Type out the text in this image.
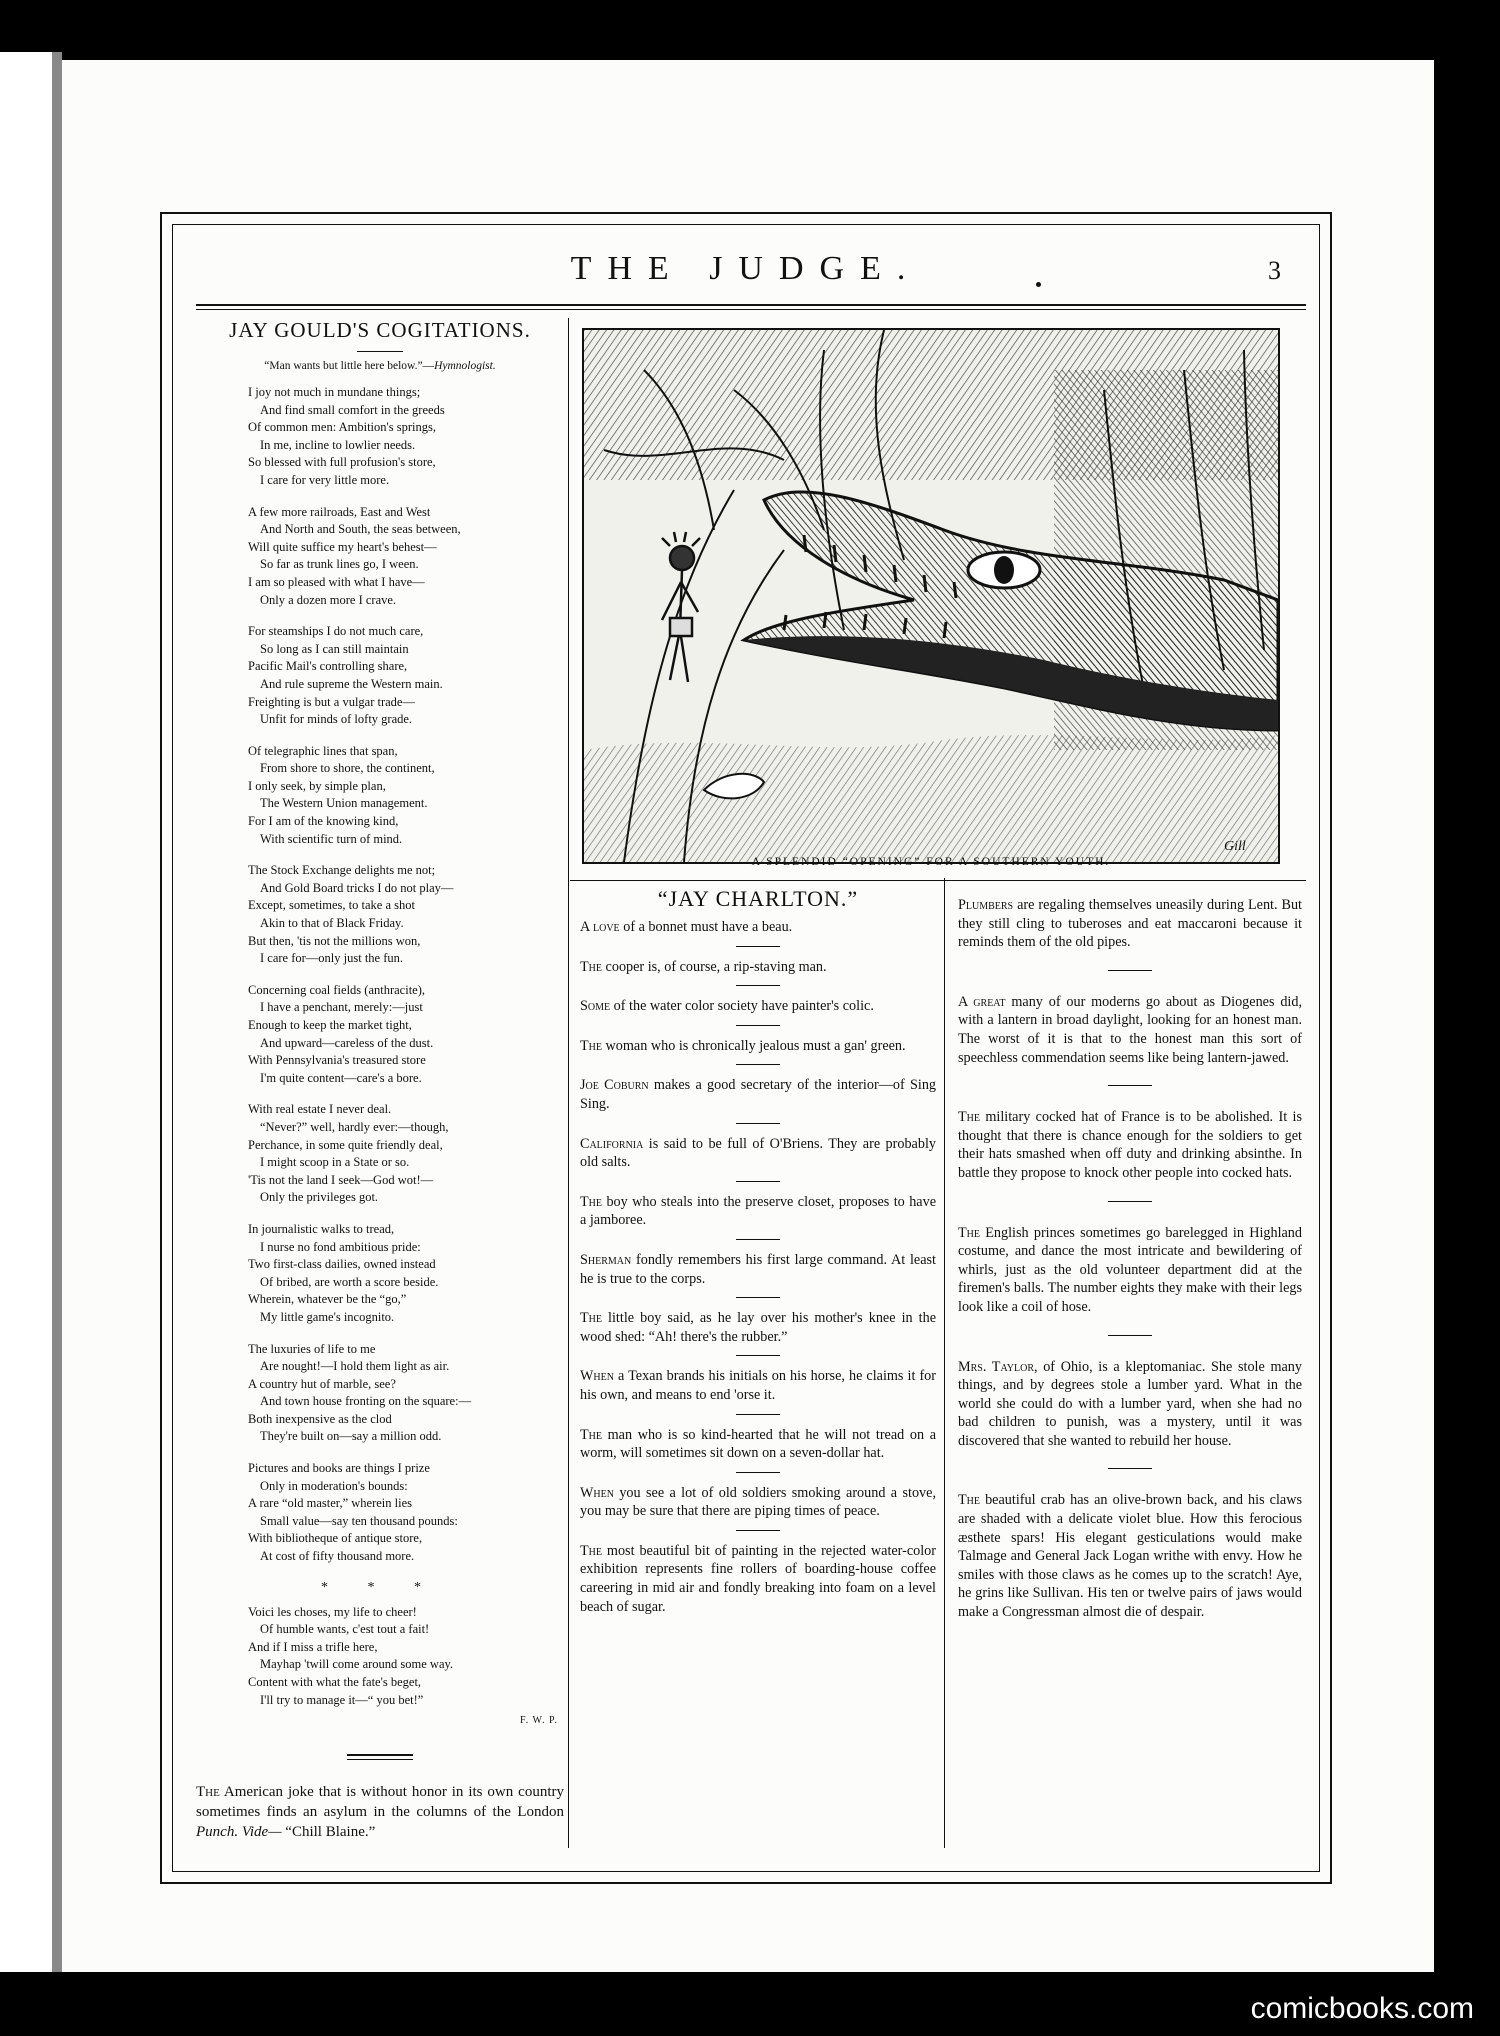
THE JUDGE.	3
JAY GOULD'S COGITATIONS.
“Man wants but little here below.”—Hymnologist.
I joy not much in mundane things;
And find small comfort in the greeds
Of common men: Ambition's springs,
In me, incline to lowlier needs.
So blessed with full profusion's store,
I care for very little more.
A few more railroads, East and West
And North and South, the seas between,
Will quite suffice my heart's behest—
So far as trunk lines go, I ween.
I am so pleased with what I have—
Only a dozen more I crave.
For steamships I do not much care,
So long as I can still maintain
Pacific Mail's controlling share,
And rule supreme the Western main.
Freighting is but a vulgar trade—
Unfit for minds of lofty grade.
Of telegraphic lines that span,
From shore to shore, the continent,
I only seek, by simple plan,
The Western Union management.
For I am of the knowing kind,
With scientific turn of mind.
The Stock Exchange delights me not;
And Gold Board tricks I do not play—
Except, sometimes, to take a shot
Akin to that of Black Friday.
But then, 'tis not the millions won,
I care for—only just the fun.
Concerning coal fields (anthracite),
I have a penchant, merely:—just
Enough to keep the market tight,
And upward—careless of the dust.
With Pennsylvania's treasured store
I'm quite content—care's a bore.
With real estate I never deal.
“Never?” well, hardly ever:—though,
Perchance, in some quite friendly deal,
I might scoop in a State or so.
'Tis not the land I seek—God wot!—
Only the privileges got.
In journalistic walks to tread,
I nurse no fond ambitious pride:
Two first-class dailies, owned instead
Of bribed, are worth a score beside.
Wherein, whatever be the “go,”
My little game's incognito.
The luxuries of life to me
Are nought!—I hold them light as air.
A country hut of marble, see?
And town house fronting on the square:—
Both inexpensive as the clod
They're built on—say a million odd.
Pictures and books are things I prize
Only in moderation's bounds:
A rare “old master,” wherein lies
Small value—say ten thousand pounds:
With bibliotheque of antique store,
At cost of fifty thousand more.
* * *
Voici les choses, my life to cheer!
Of humble wants, c'est tout a fait!
And if I miss a trifle here,
Mayhap 'twill come around some way.
Content with what the fate's beget,
I'll try to manage it—“ you bet!”
F. W. P.

The American joke that is without honor in its own country sometimes finds an asylum in the columns of the London Punch. Vide— “Chill Blaine.”

Gill
A SPLENDID “OPENING” FOR A SOUTHERN YOUTH.
“JAY CHARLTON.”

A love of a bonnet must have a beau.

The cooper is, of course, a rip-staving man.

Some of the water color society have painter's colic.

The woman who is chronically jealous must a gan' green.

Joe Coburn makes a good secretary of the interior—of Sing Sing.

California is said to be full of O'Briens. They are probably old salts.

The boy who steals into the preserve closet, proposes to have a jamboree.

Sherman fondly remembers his first large command. At least he is true to the corps.

The little boy said, as he lay over his mother's knee in the wood shed: “Ah! there's the rubber.”

When a Texan brands his initials on his horse, he claims it for his own, and means to end 'orse it.

The man who is so kind-hearted that he will not tread on a worm, will sometimes sit down on a seven-dollar hat.

When you see a lot of old soldiers smoking around a stove, you may be sure that there are piping times of peace.

The most beautiful bit of painting in the rejected water-color exhibition represents fine rollers of boarding-house coffee careering in mid air and fondly breaking into foam on a level beach of sugar.

Plumbers are regaling themselves uneasily during Lent. But they still cling to tuberoses and eat maccaroni because it reminds them of the old pipes.

A great many of our moderns go about as Diogenes did, with a lantern in broad daylight, looking for an honest man. The worst of it is that to the honest man this sort of speechless commendation seems like being lantern-jawed.

The military cocked hat of France is to be abolished. It is thought that there is chance enough for the soldiers to get their hats smashed when off duty and drinking absinthe. In battle they propose to knock other people into cocked hats.

The English princes sometimes go barelegged in Highland costume, and dance the most intricate and bewildering of whirls, just as the old volunteer department did at the firemen's balls. The number eights they make with their legs look like a coil of hose.

Mrs. Taylor, of Ohio, is a kleptomaniac. She stole many things, and by degrees stole a lumber yard. What in the world she could do with a lumber yard, when she had no bad children to punish, was a mystery, until it was discovered that she wanted to rebuild her house.

The beautiful crab has an olive-brown back, and his claws are shaded with a delicate violet blue. How this ferocious æsthete spars! His elegant gesticulations would make Talmage and General Jack Logan writhe with envy. How he smiles with those claws as he comes up to the scratch! Aye, he grins like Sullivan. His ten or twelve pairs of jaws would make a Congressman almost die of despair.

comicbooks.com
